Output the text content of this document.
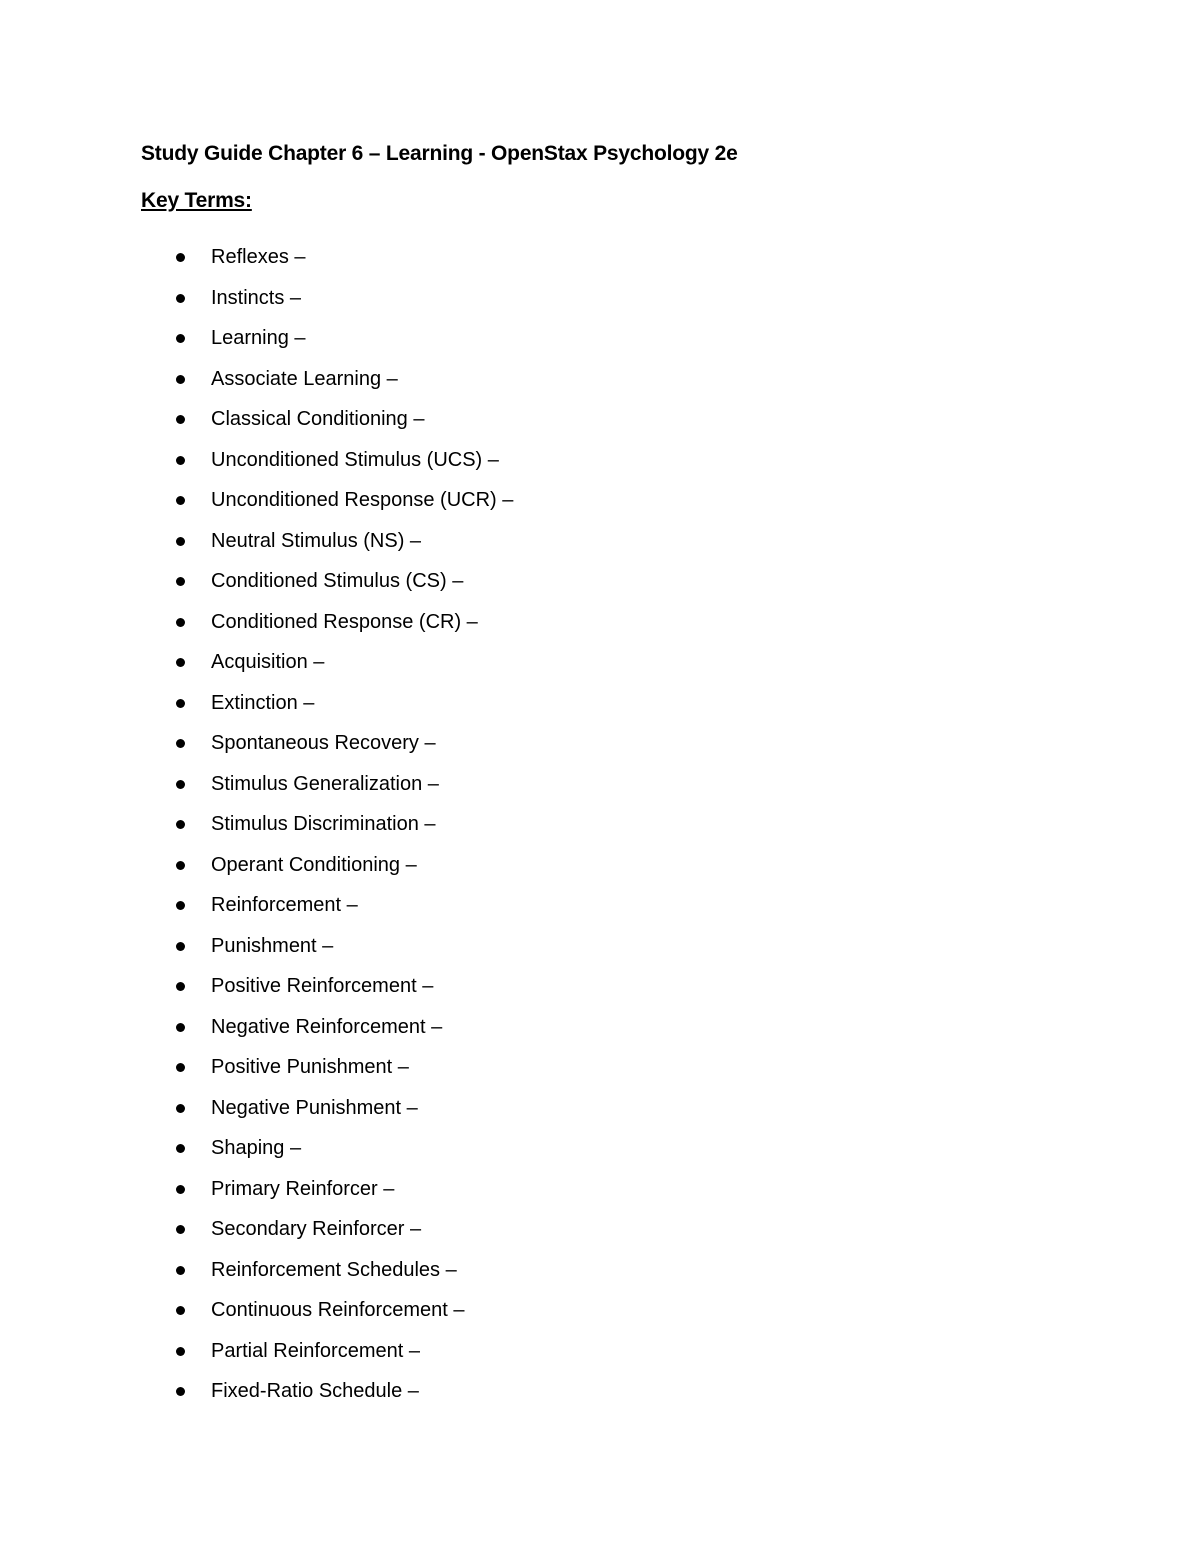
Study Guide Chapter 6 – Learning - OpenStax Psychology 2e
Key Terms:
Reflexes –
Instincts –
Learning –
Associate Learning –
Classical Conditioning –
Unconditioned Stimulus (UCS) –
Unconditioned Response (UCR) –
Neutral Stimulus (NS) –
Conditioned Stimulus (CS) –
Conditioned Response (CR) –
Acquisition –
Extinction –
Spontaneous Recovery –
Stimulus Generalization –
Stimulus Discrimination –
Operant Conditioning –
Reinforcement –
Punishment –
Positive Reinforcement –
Negative Reinforcement –
Positive Punishment –
Negative Punishment –
Shaping –
Primary Reinforcer –
Secondary Reinforcer –
Reinforcement Schedules –
Continuous Reinforcement –
Partial Reinforcement –
Fixed-Ratio Schedule –
